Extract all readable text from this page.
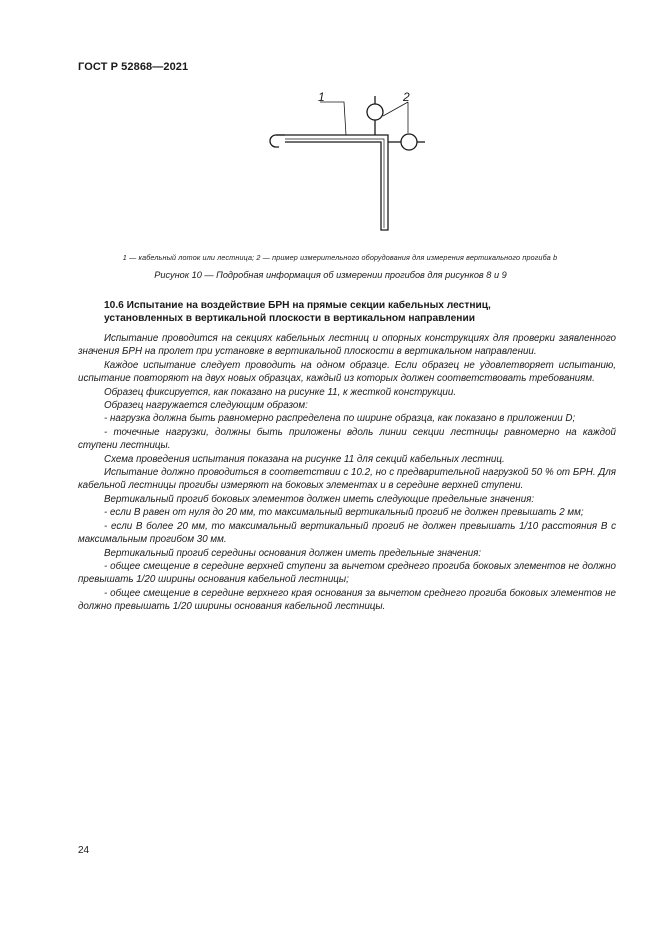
ГОСТ Р 52868—2021
1	2
1 — кабельный лоток или лестница; 2 — пример измерительного оборудования для измерения вертикального прогиба b
Рисунок 10 — Подробная информация об измерении прогибов для рисунков 8 и 9
10.6 Испытание на воздействие БРН на прямые секции кабельных лестниц,
установленных в вертикальной плоскости в вертикальном направлении

Испытание проводится на секциях кабельных лестниц и опорных конструкциях для проверки заявленного значения БРН на пролет при установке в вертикальной плоскости в вертикальном направлении.

Каждое испытание следует проводить на одном образце. Если образец не удовлетворяет испытанию, испытание повторяют на двух новых образцах, каждый из которых должен соответствовать требованиям.

Образец фиксируется, как показано на рисунке 11, к жесткой конструкции.

Образец нагружается следующим образом:

- нагрузка должна быть равномерно распределена по ширине образца, как показано в приложении D;

- точечные нагрузки, должны быть приложены вдоль линии секции лестницы равномерно на каждой ступени лестницы.

Схема проведения испытания показана на рисунке 11 для секций кабельных лестниц.

Испытание должно проводиться в соответствии с 10.2, но с предварительной нагрузкой 50 % от БРН. Для кабельной лестницы прогибы измеряют на боковых элементах и в середине верхней ступени.

Вертикальный прогиб боковых элементов должен иметь следующие предельные значения:

- если B равен от нуля до 20 мм, то максимальный вертикальный прогиб не должен превышать 2 мм;

- если B более 20 мм, то максимальный вертикальный прогиб не должен превышать 1/10 расстояния B с максимальным прогибом 30 мм.

Вертикальный прогиб середины основания должен иметь предельные значения:

- общее смещение в середине верхней ступени за вычетом среднего прогиба боковых элементов не должно превышать 1/20 ширины основания кабельной лестницы;

- общее смещение в середине верхнего края основания за вычетом среднего прогиба боковых элементов не должно превышать 1/20 ширины основания кабельной лестницы.

24
